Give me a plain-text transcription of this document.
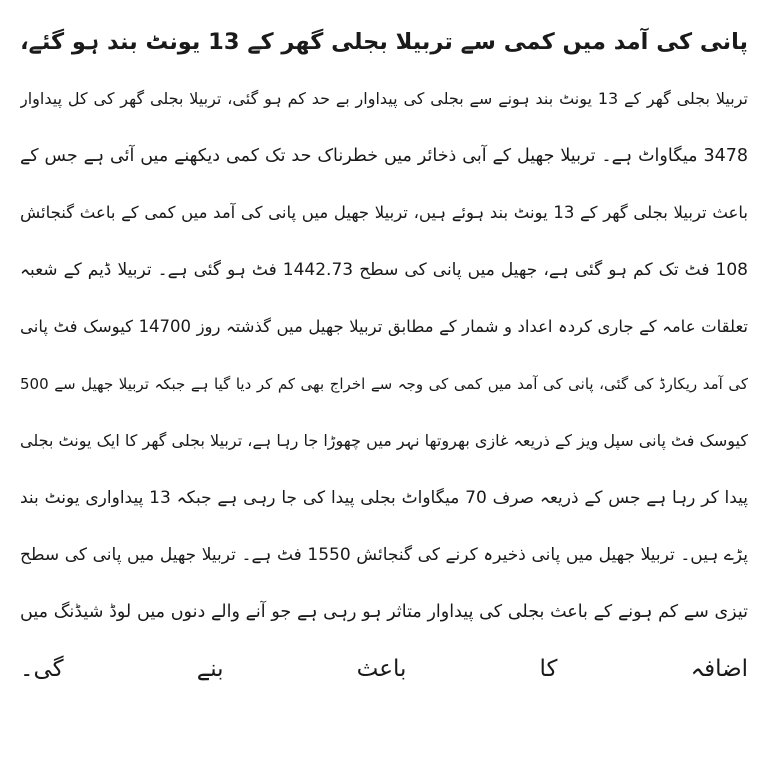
پانی کی آمد میں کمی سے تربیلا بجلی گھر کے 13 یونٹ بند ہو گئے،
تربیلا بجلی گھر کے 13 یونٹ بند ہونے سے بجلی کی پیداوار بے حد کم ہو گئی، تربیلا بجلی گھر کی کل پیداوار
3478 میگاواٹ ہے۔ تربیلا جھیل کے آبی ذخائر میں خطرناک حد تک کمی دیکھنے میں آئی ہے جس کے
باعث تربیلا بجلی گھر کے 13 یونٹ بند ہوئے ہیں، تربیلا جھیل میں پانی کی آمد میں کمی کے باعث گنجائش
108 فٹ تک کم ہو گئی ہے، جھیل میں پانی کی سطح 1442.73 فٹ ہو گئی ہے۔ تربیلا ڈیم کے شعبہ
تعلقات عامہ کے جاری کردہ اعداد و شمار کے مطابق تربیلا جھیل میں گذشتہ روز 14700 کیوسک فٹ پانی
کی آمد ریکارڈ کی گئی، پانی کی آمد میں کمی کی وجہ سے اخراج بھی کم کر دیا گیا ہے جبکہ تربیلا جھیل سے 500
کیوسک فٹ پانی سپل ویز کے ذریعہ غازی بھروتھا نہر میں چھوڑا جا رہا ہے، تربیلا بجلی گھر کا ایک یونٹ بجلی
پیدا کر رہا ہے جس کے ذریعہ صرف 70 میگاواٹ بجلی پیدا کی جا رہی ہے جبکہ 13 پیداواری یونٹ بند
پڑے ہیں۔ تربیلا جھیل میں پانی ذخیرہ کرنے کی گنجائش 1550 فٹ ہے۔ تربیلا جھیل میں پانی کی سطح
تیزی سے کم ہونے کے باعث بجلی کی پیداوار متاثر ہو رہی ہے جو آنے والے دنوں میں لوڈ شیڈنگ میں
اضافہ کا باعث بنے گی۔
